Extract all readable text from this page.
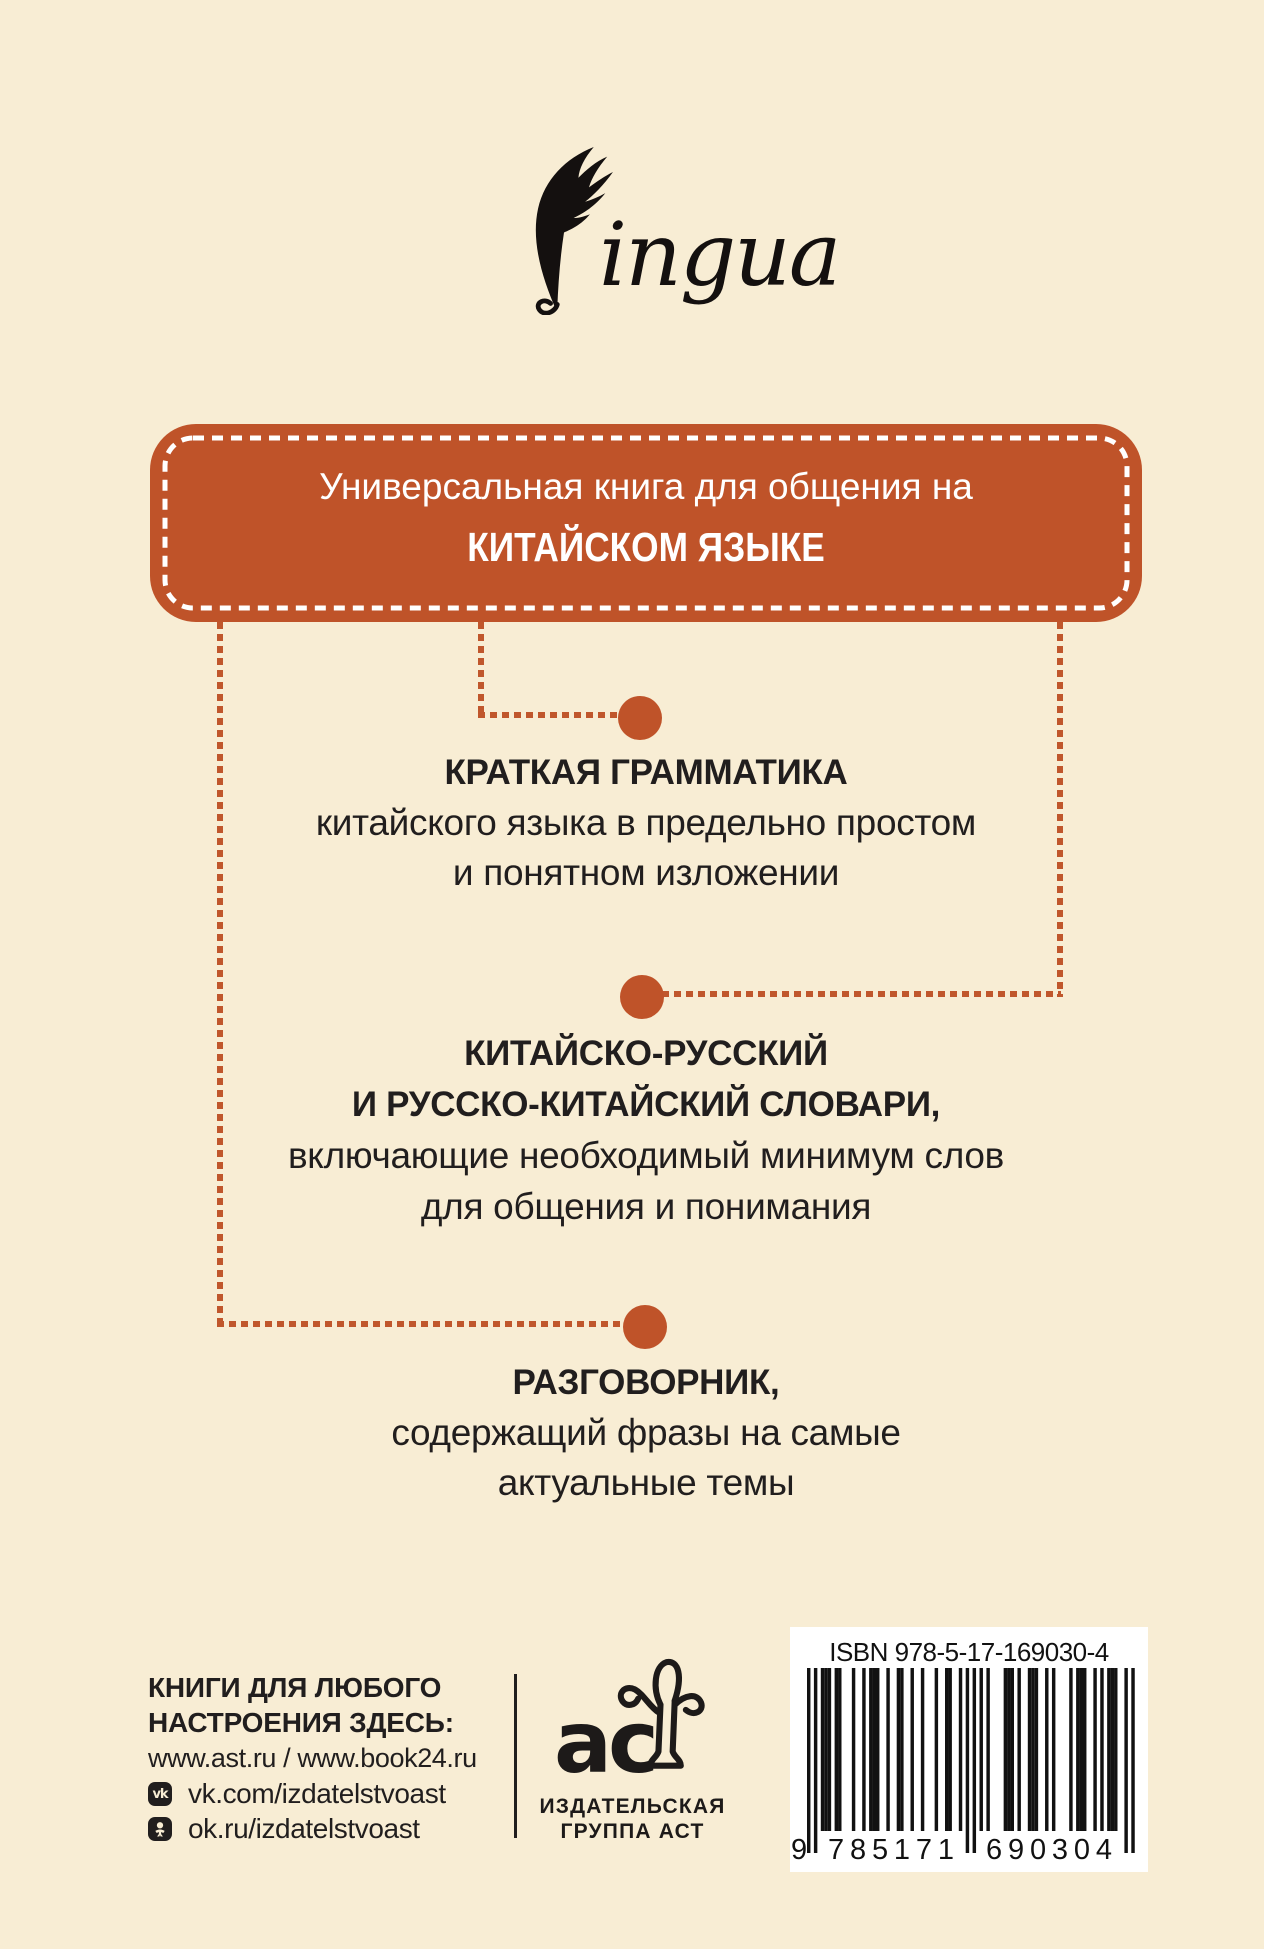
ingua
Универсальная книга для общения на
КИТАЙСКОМ ЯЗЫКЕ
КРАТКАЯ ГРАММАТИКА
китайского языка в предельно простом
и понятном изложении
КИТАЙСКО-РУССКИЙ
И РУССКО-КИТАЙСКИЙ СЛОВАРИ,
включающие необходимый минимум слов
для общения и понимания
РАЗГОВОРНИК,
содержащий фразы на самые
актуальные темы
КНИГИ ДЛЯ ЛЮБОГО
НАСТРОЕНИЯ ЗДЕСЬ:
www.ast.ru / www.book24.ru
vk vk.com/izdatelstvoast
ok.ru/izdatelstvoast
ас
ИЗДАТЕЛЬСКАЯ
ГРУППА АСТ
ISBN 978-5-17-169030-4
9 785171 690304
